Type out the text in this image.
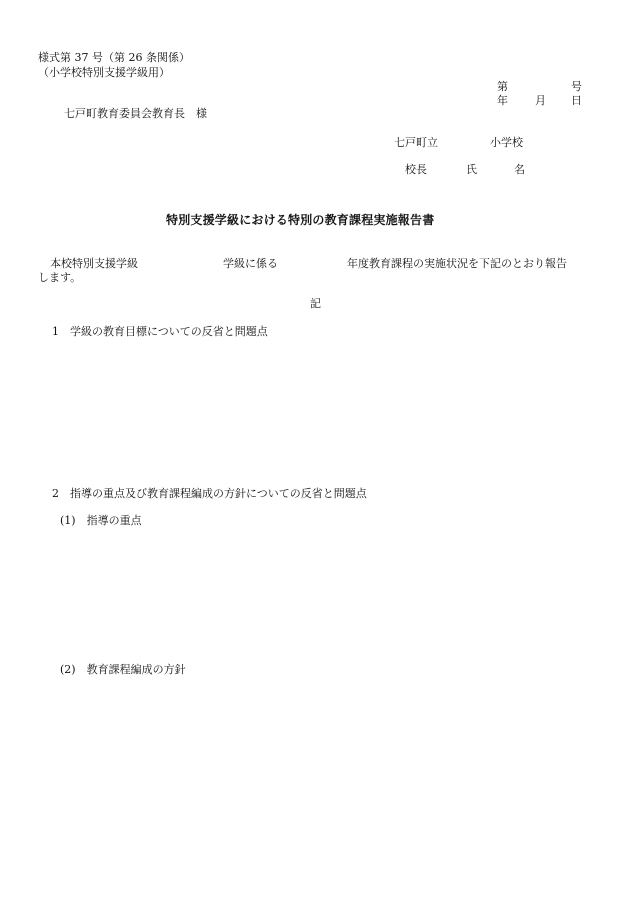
様式第 37 号（第 26 条関係）
（小学校特別支援学級用）
第	号
年 月 日
七戸町教育委員会教育長　様
七戸町立	小学校
校長	氏	名
特別支援学級における特別の教育課程実施報告書
本校特別支援学級	学級に係る	年度教育課程の実施状況を下記のとおり報告
します。
記
1　学級の教育目標についての反省と問題点
2　指導の重点及び教育課程編成の方針についての反省と問題点
(1)　指導の重点
(2)　教育課程編成の方針
